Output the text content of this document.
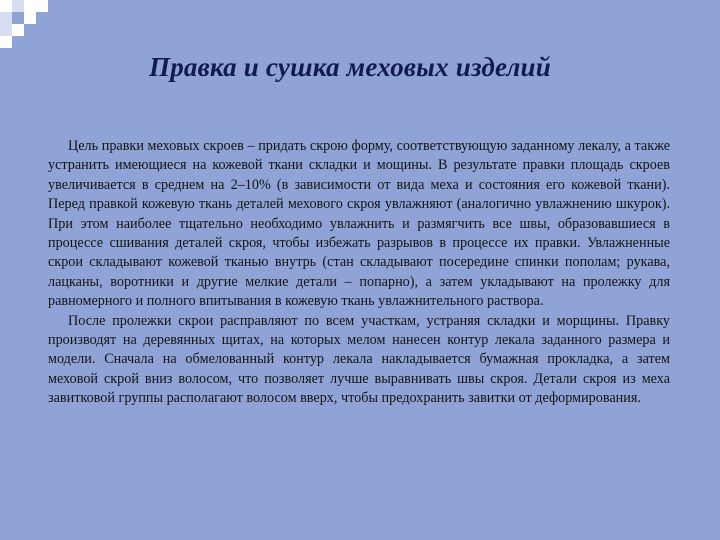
Правка и сушка меховых изделий

Цель правки меховых скроев – придать скрою форму, соответствующую заданному лекалу, а также устранить имеющиеся на кожевой ткани складки и мощины. В результате правки площадь скроев увеличивается в среднем на 2–10% (в зависимости от вида меха и состояния его кожевой ткани). Перед правкой кожевую ткань деталей мехового скроя увлажняют (аналогично увлажнению шкурок). При этом наиболее тщательно необходимо увлажнить и размягчить все швы, образовавшиеся в процессе сшивания деталей скроя, чтобы избежать разрывов в процессе их правки. Увлажненные скрои складывают кожевой тканью внутрь (стан складывают посередине спинки пополам; рукава, лацканы, воротники и другие мелкие детали – попарно), а затем укладывают на пролежку для равномерного и полного впитывания в кожевую ткань увлажнительного раствора.

После пролежки скрои расправляют по всем участкам, устраняя складки и морщины. Правку производят на деревянных щитах, на которых мелом нанесен контур лекала заданного размера и модели. Сначала на обмелованный контур лекала накладывается бумажная прокладка, а затем меховой скрой вниз волосом, что позволяет лучше выравнивать швы скроя. Детали скроя из меха завитковой группы располагают волосом вверх, чтобы предохранить завитки от деформирования.
